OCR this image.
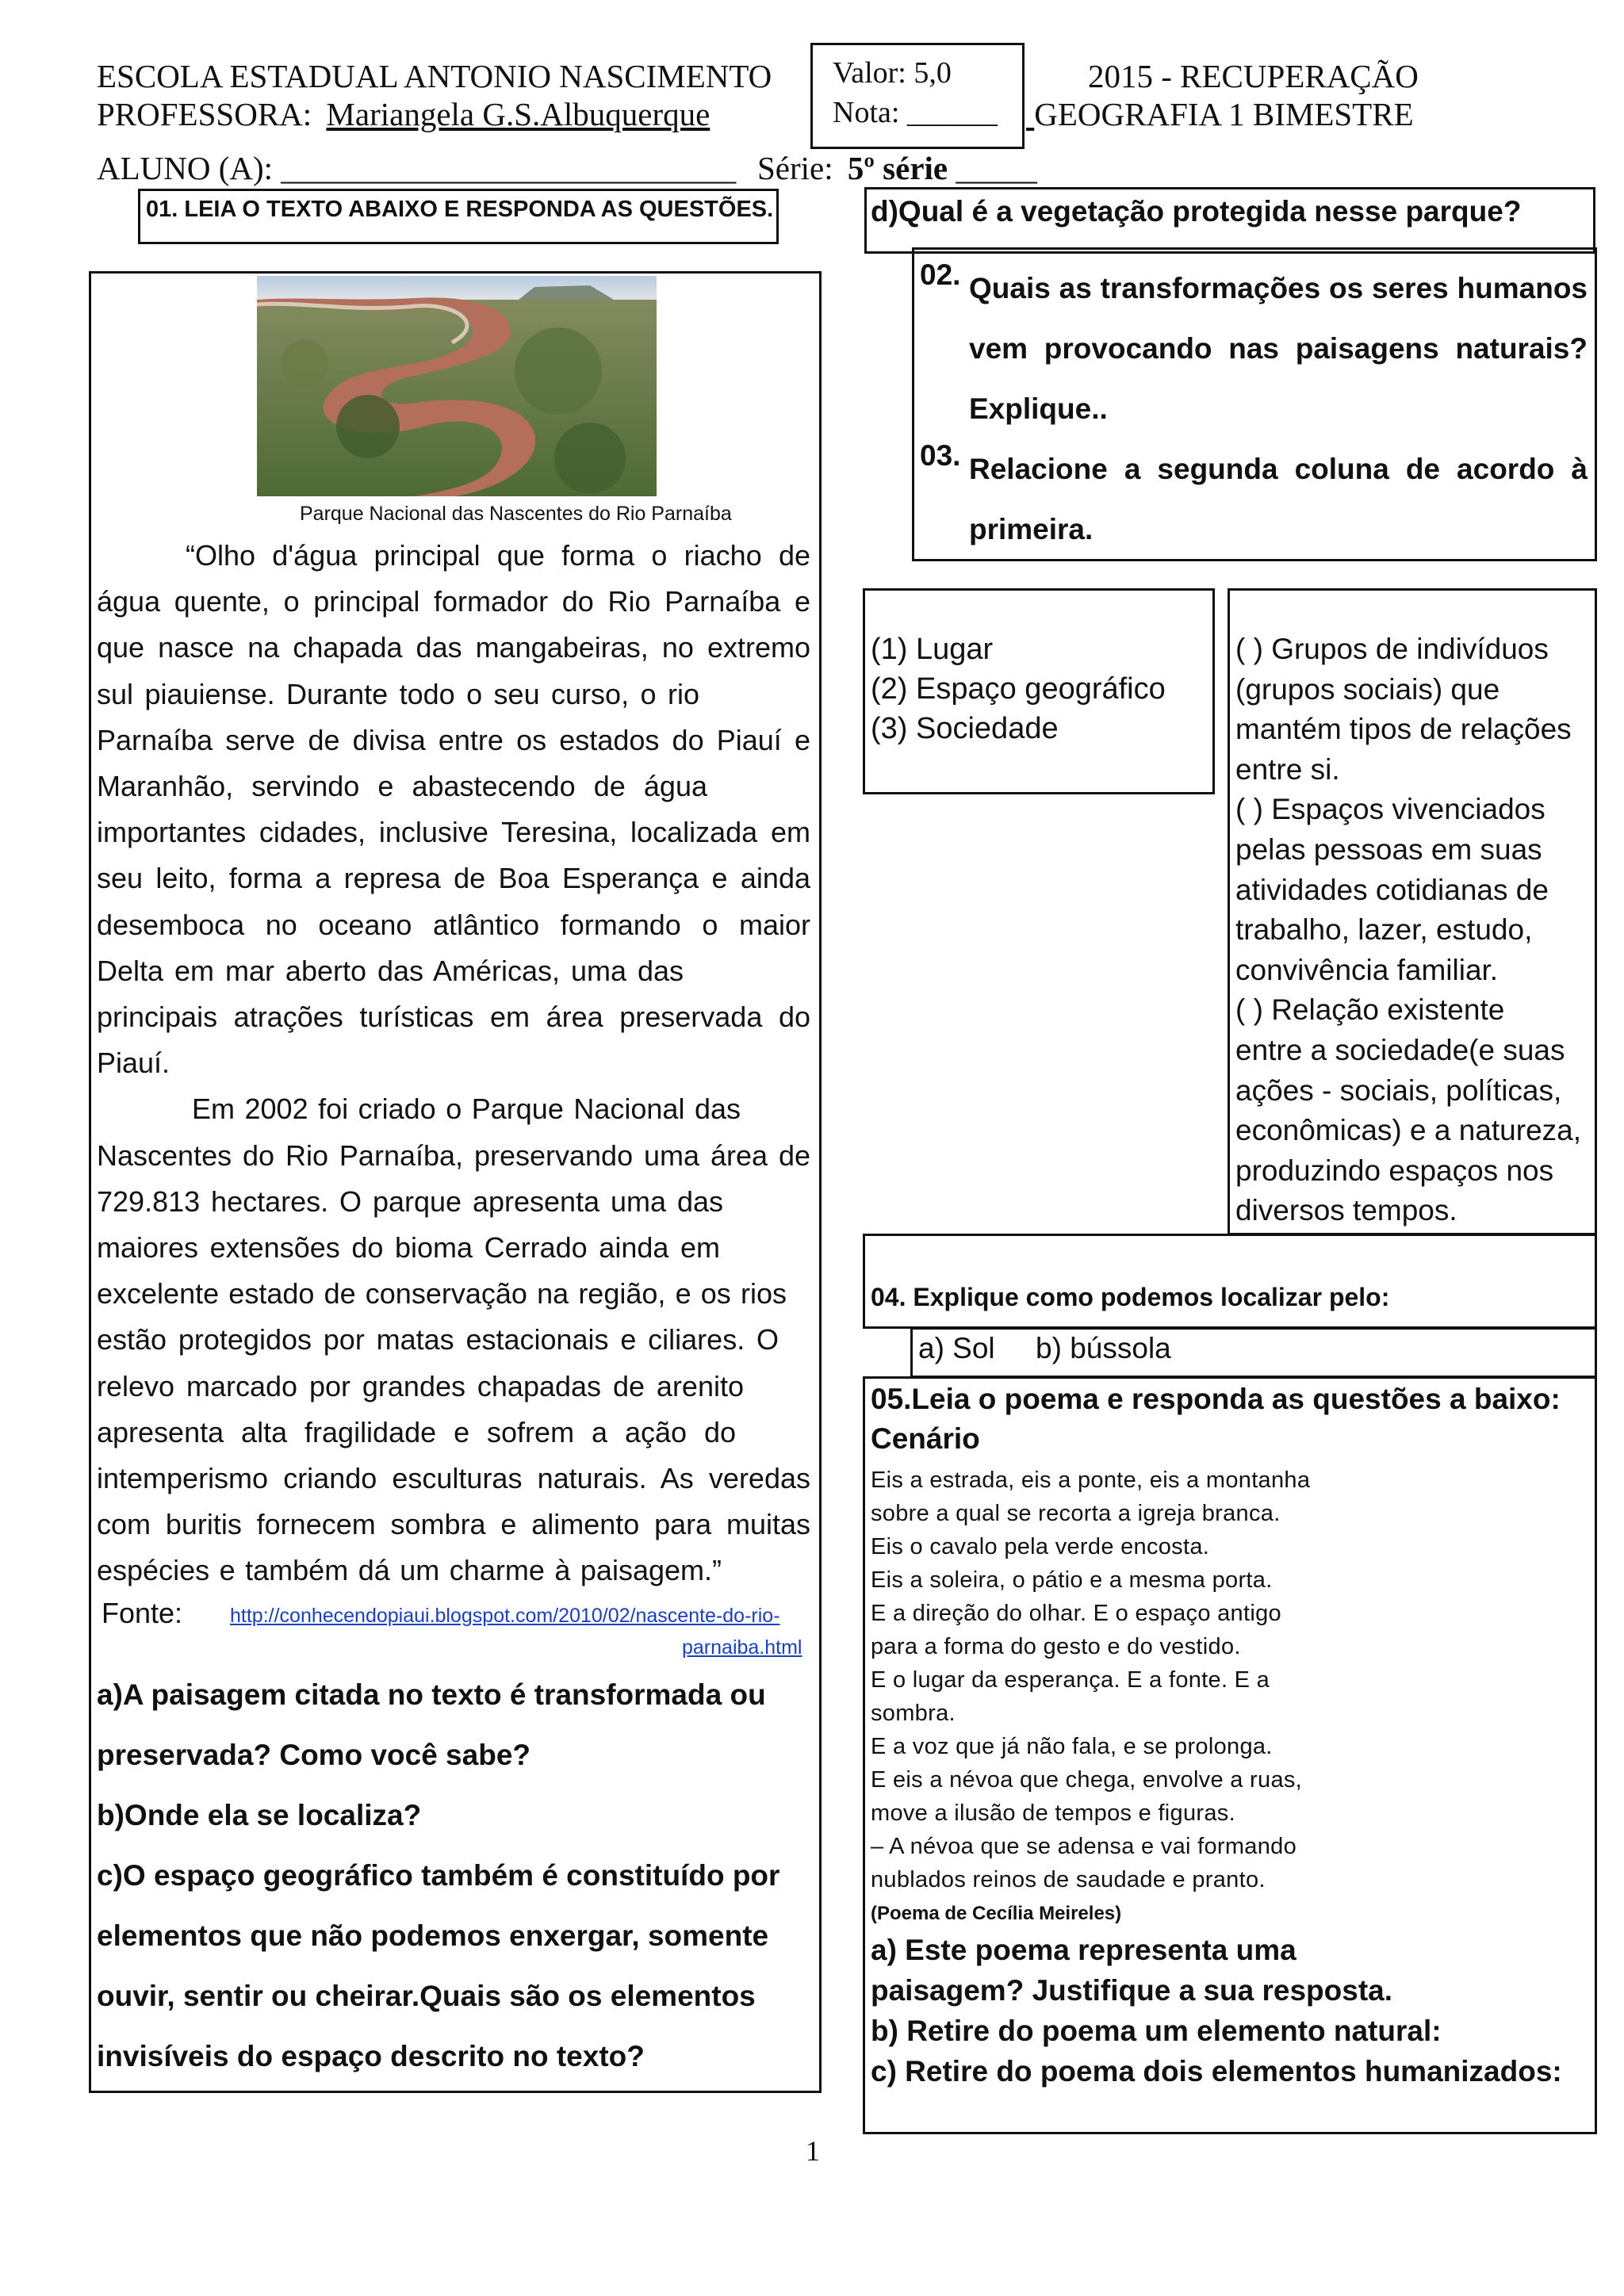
ESCOLA ESTADUAL ANTONIO NASCIMENTO
PROFESSORA: Mariangela G.S.Albuquerque
Valor: 5,0
Nota: ______
2015 - RECUPERAÇÃO
GEOGRAFIA 1 BIMESTRE
ALUNO (A): ____________________________ Série: 5º série _____
01. LEIA O TEXTO ABAIXO E RESPONDA AS QUESTÕES.
Parque Nacional das Nascentes do Rio Parnaíba
“Olho d'água principal que forma o riacho de
água quente, o principal formador do Rio Parnaíba e
que nasce na chapada das mangabeiras, no extremo
sul piauiense. Durante todo o seu curso, o rio
Parnaíba serve de divisa entre os estados do Piauí e
Maranhão, servindo e abastecendo de água
importantes cidades, inclusive Teresina, localizada em
seu leito, forma a represa de Boa Esperança e ainda
desemboca no oceano atlântico formando o maior
Delta em mar aberto das Américas, uma das
principais atrações turísticas em área preservada do
Piauí.
Em 2002 foi criado o Parque Nacional das
Nascentes do Rio Parnaíba, preservando uma área de
729.813 hectares. O parque apresenta uma das
maiores extensões do bioma Cerrado ainda em
excelente estado de conservação na região, e os rios
estão protegidos por matas estacionais e ciliares. O
relevo marcado por grandes chapadas de arenito
apresenta alta fragilidade e sofrem a ação do
intemperismo criando esculturas naturais. As veredas
com buritis fornecem sombra e alimento para muitas
espécies e também dá um charme à paisagem.”
Fonte: http://conhecendopiaui.blogspot.com/2010/02/nascente-do-rio-
parnaiba.html
a)A paisagem citada no texto é transformada ou
preservada? Como você sabe?
b)Onde ela se localiza?
c)O espaço geográfico também é constituído por
elementos que não podemos enxergar, somente
ouvir, sentir ou cheirar.Quais são os elementos
invisíveis do espaço descrito no texto?
d)Qual é a vegetação protegida nesse parque?
02. Quais as transformações os seres humanos
vem provocando nas paisagens naturais?
Explique..
03. Relacione a segunda coluna de acordo à
primeira.
(1) Lugar
(2) Espaço geográfico
(3) Sociedade
( ) Grupos de indivíduos
(grupos sociais) que
mantém tipos de relações
entre si.
( ) Espaços vivenciados
pelas pessoas em suas
atividades cotidianas de
trabalho, lazer, estudo,
convivência familiar.
( ) Relação existente
entre a sociedade(e suas
ações - sociais, políticas,
econômicas) e a natureza,
produzindo espaços nos
diversos tempos.
04. Explique como podemos localizar pelo:
a) Sol     b) bússola
05.Leia o poema e responda as questões a baixo:
Cenário
Eis a estrada, eis a ponte, eis a montanha
sobre a qual se recorta a igreja branca.
Eis o cavalo pela verde encosta.
Eis a soleira, o pátio e a mesma porta.
E a direção do olhar. E o espaço antigo
para a forma do gesto e do vestido.
E o lugar da esperança. E a fonte. E a
sombra.
E a voz que já não fala, e se prolonga.
E eis a névoa que chega, envolve a ruas,
move a ilusão de tempos e figuras.
– A névoa que se adensa e vai formando
nublados reinos de saudade e pranto.
(Poema de Cecília Meireles)
a) Este poema representa uma
paisagem? Justifique a sua resposta.
b) Retire do poema um elemento natural:
c) Retire do poema dois elementos humanizados:
1
